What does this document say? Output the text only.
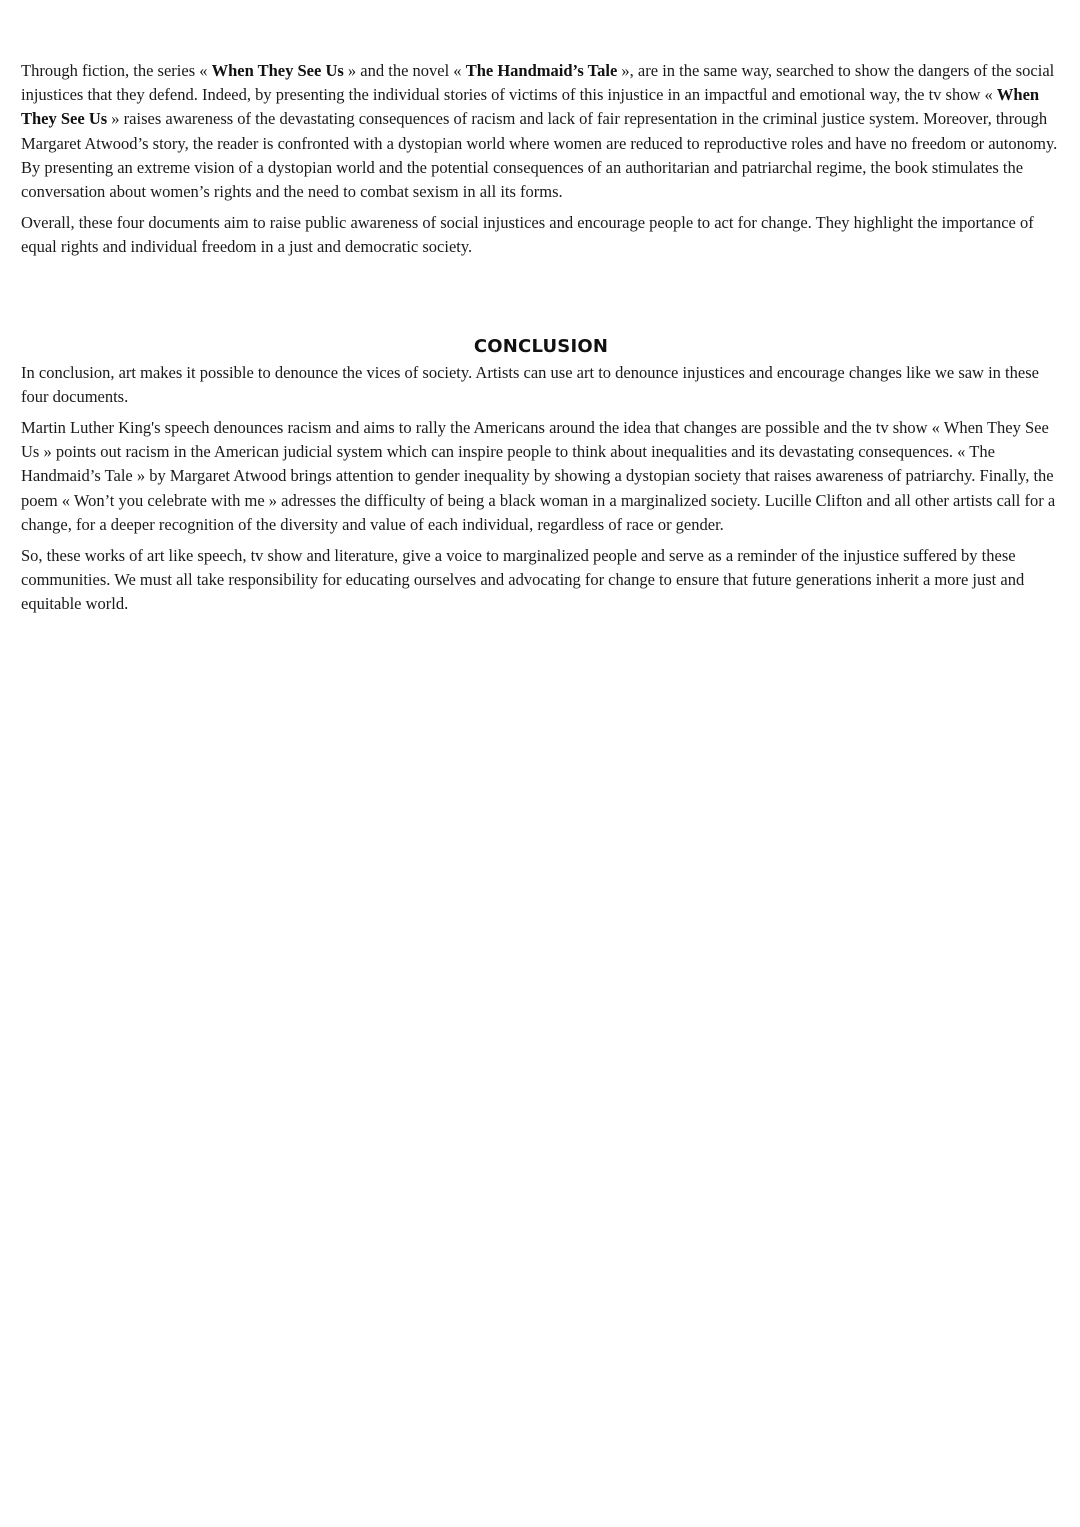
Through fiction, the series « When They See Us » and the novel « The Handmaid’s Tale », are in the same way, searched to show the dangers of the social injustices that they defend. Indeed, by presenting the individual stories of victims of this injustice in an impactful and emotional way, the tv show « When They See Us » raises awareness of the devastating consequences of racism and lack of fair representation in the criminal justice system. Moreover, through Margaret Atwood’s story, the reader is confronted with a dystopian world where women are reduced to reproductive roles and have no freedom or autonomy. By presenting an extreme vision of a dystopian world and the potential consequences of an authoritarian and patriarchal regime, the book stimulates the conversation about women’s rights and the need to combat sexism in all its forms.

Overall, these four documents aim to raise public awareness of social injustices and encourage people to act for change. They highlight the importance of equal rights and individual freedom in a just and democratic society.

CONCLUSION

In conclusion, art makes it possible to denounce the vices of society. Artists can use art to denounce injustices and encourage changes like we saw in these four documents.

Martin Luther King's speech denounces racism and aims to rally the Americans around the idea that changes are possible and the tv show « When They See Us » points out racism in the American judicial system which can inspire people to think about inequalities and its devastating consequences. « The Handmaid’s Tale » by Margaret Atwood brings attention to gender inequality by showing a dystopian society that raises awareness of patriarchy. Finally, the poem « Won’t you celebrate with me » adresses the difficulty of being a black woman in a marginalized society. Lucille Clifton and all other artists call for a change, for a deeper recognition of the diversity and value of each individual, regardless of race or gender.

So, these works of art like speech, tv show and literature, give a voice to marginalized people and serve as a reminder of the injustice suffered by these communities. We must all take responsibility for educating ourselves and advocating for change to ensure that future generations inherit a more just and equitable world.
